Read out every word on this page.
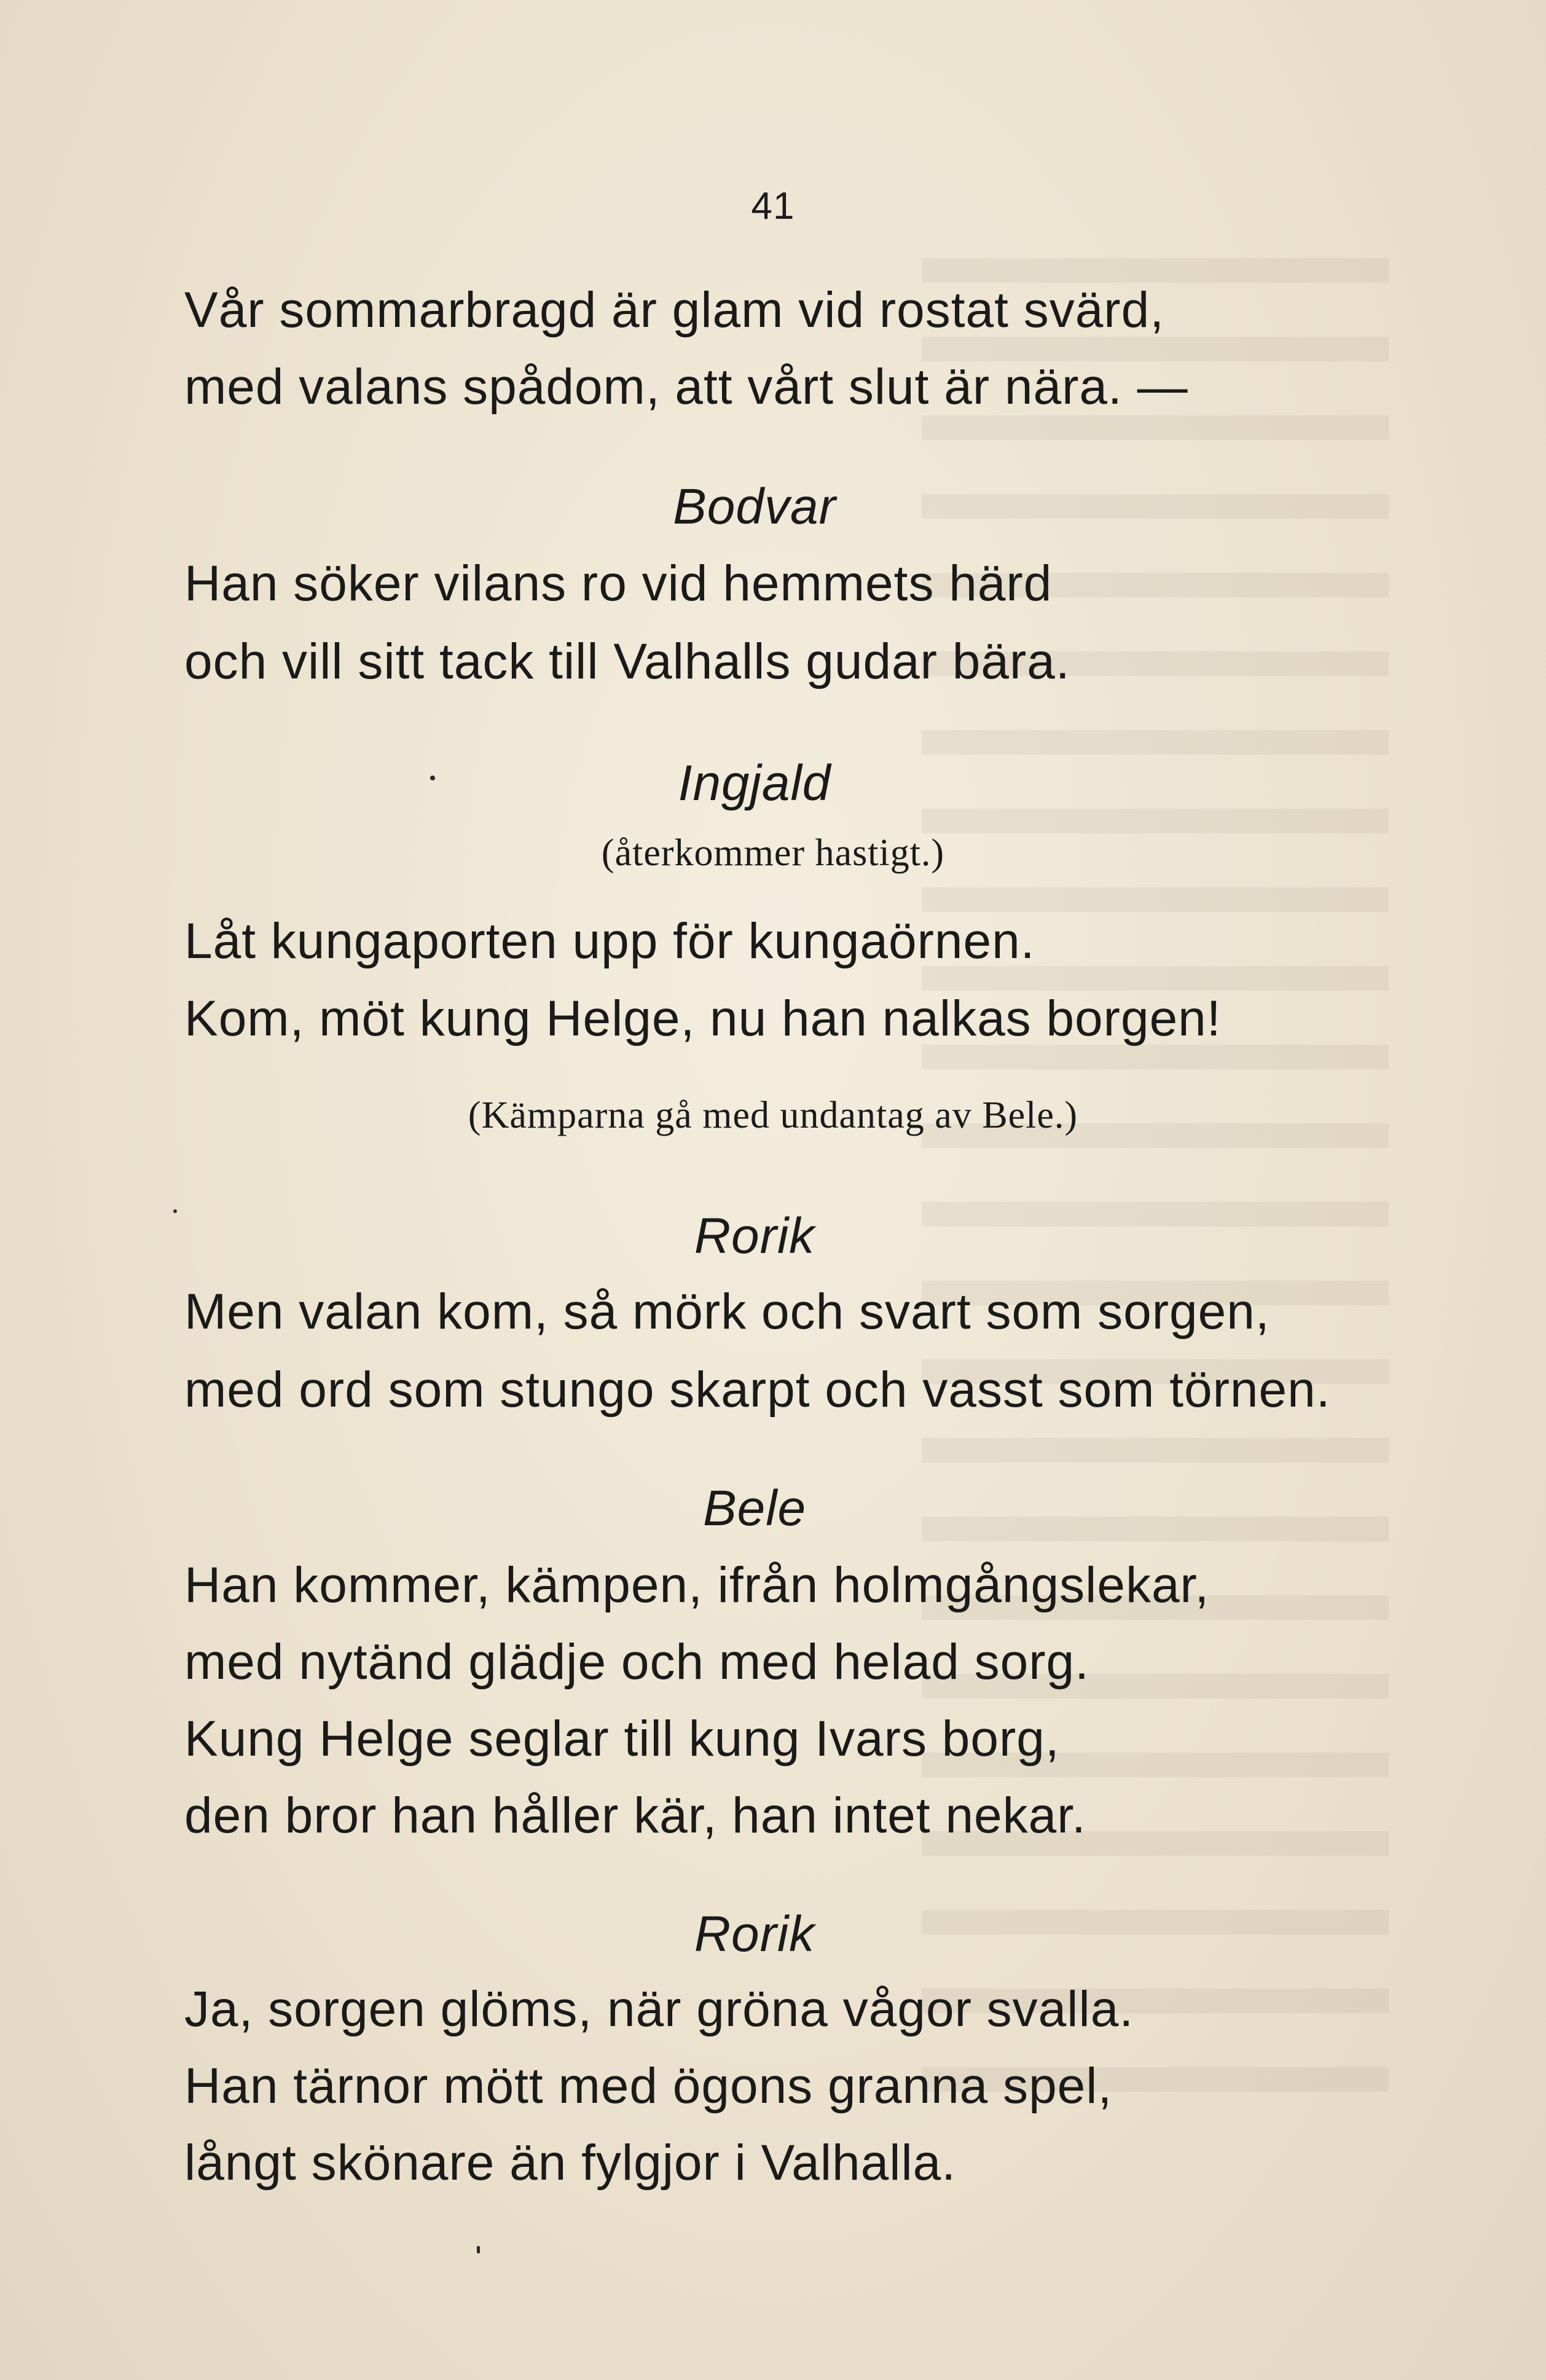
41
Vår sommarbragd är glam vid rostat svärd,
med valans spådom, att vårt slut är nära. —
Bodvar
Han söker vilans ro vid hemmets härd
och vill sitt tack till Valhalls gudar bära.
Ingjald
(återkommer hastigt.)
Låt kungaporten upp för kungaörnen.
Kom, möt kung Helge, nu han nalkas borgen!
(Kämparna gå med undantag av Bele.)
Rorik
Men valan kom, så mörk och svart som sorgen,
med ord som stungo skarpt och vasst som törnen.
Bele
Han kommer, kämpen, ifrån holmgångslekar,
med nytänd glädje och med helad sorg.
Kung Helge seglar till kung Ivars borg,
den bror han håller kär, han intet nekar.
Rorik
Ja, sorgen glöms, när gröna vågor svalla.
Han tärnor mött med ögons granna spel,
långt skönare än fylgjor i Valhalla.
